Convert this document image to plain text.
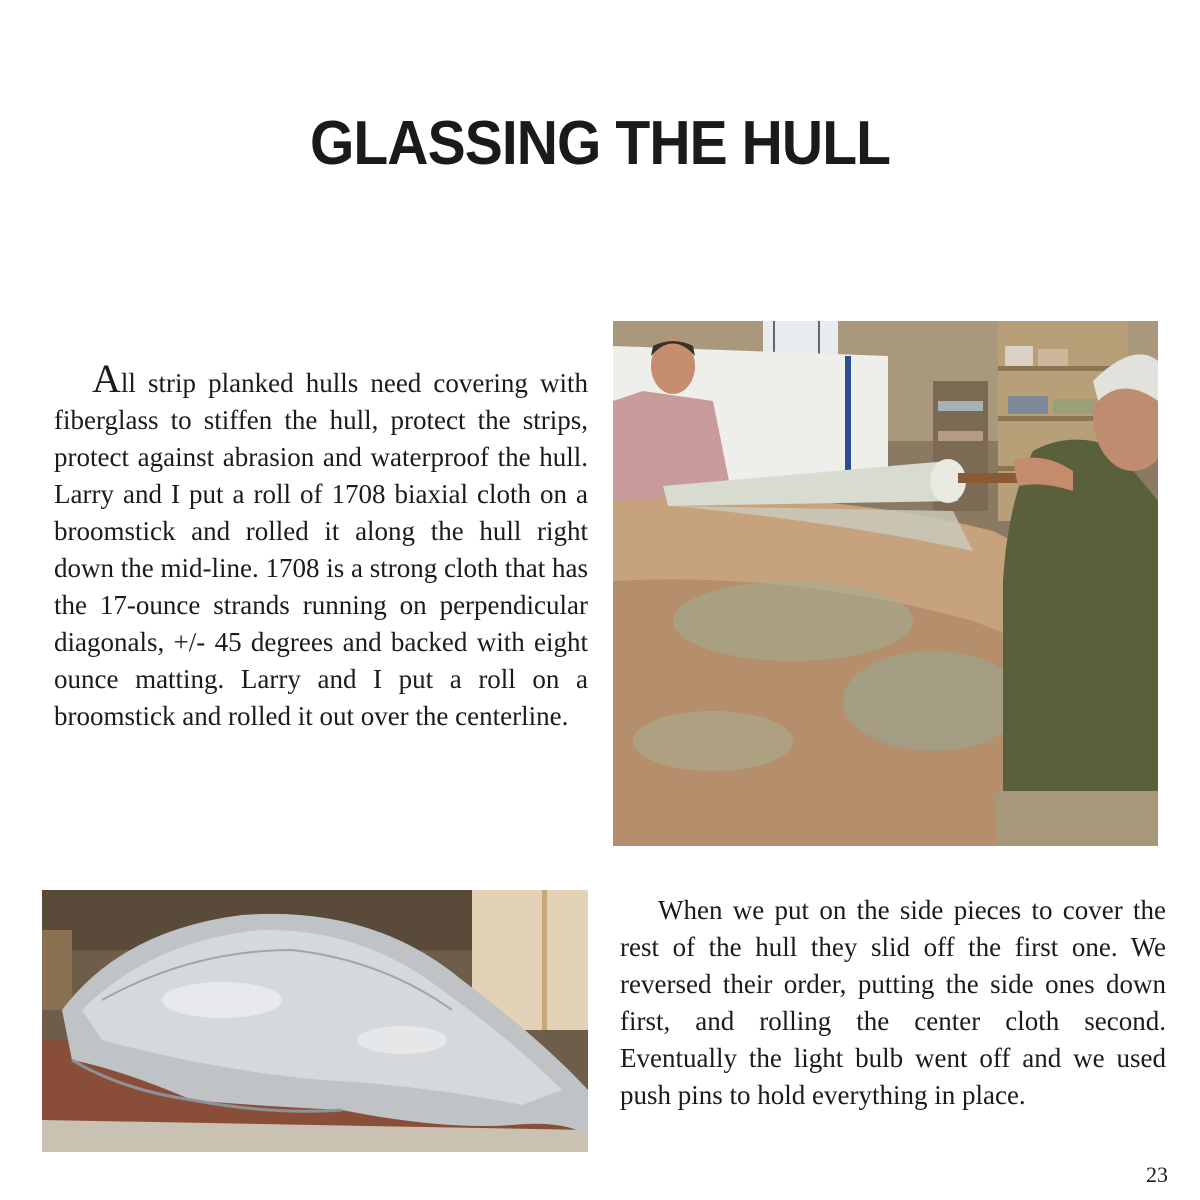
GLASSING THE HULL
All strip planked hulls need covering with fiberglass to stiffen the hull, protect the strips, protect against abrasion and waterproof the hull. Larry and I put a roll of 1708 biaxial cloth on a broomstick and rolled it along the hull right down the mid-line. 1708 is a strong cloth that has the 17-ounce strands running on perpendicular diagonals, +/- 45 degrees and backed with eight ounce matting. Larry and I put a roll on a broomstick and rolled it out over the centerline.
When we put on the side pieces to cover the rest of the hull they slid off the first one. We reversed their order, putting the side ones down first, and rolling the center cloth second. Eventually the light bulb went off and we used push pins to hold everything in place.
23
